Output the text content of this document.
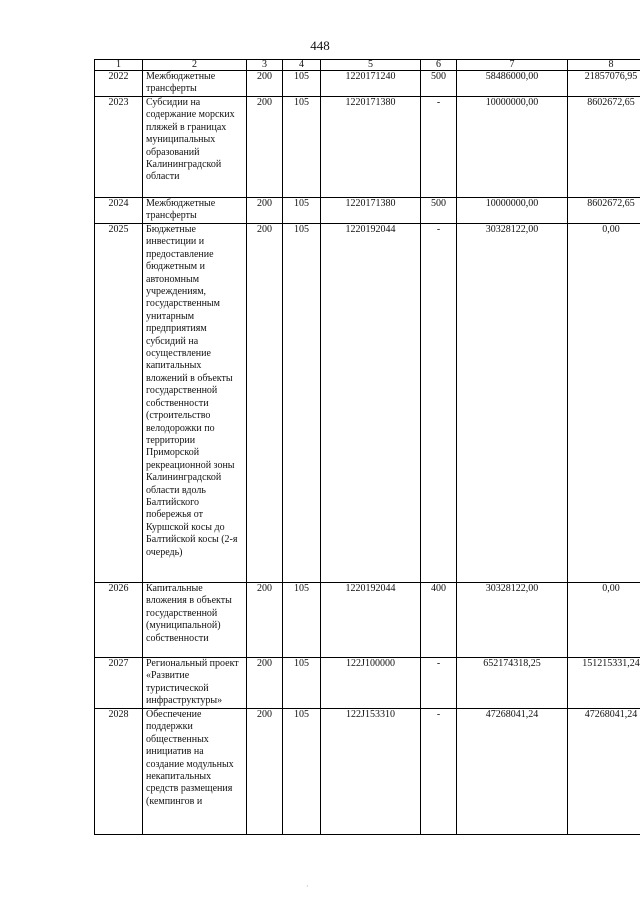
448
1	2	3	4	5	6	7	8
2022	Межбюджетные трансферты	200	105	1220171240	500	58486000,00	21857076,95
2023	Субсидии на содержание морских пляжей в границах муниципальных образований Калининградской области	200	105	1220171380	-	10000000,00	8602672,65
2024	Межбюджетные трансферты	200	105	1220171380	500	10000000,00	8602672,65
2025	Бюджетные инвестиции и предоставление бюджетным и автономным учреждениям, государственным унитарным предприятиям субсидий на осуществление капитальных вложений в объекты государственной собственности (строительство велодорожки по территории Приморской рекреационной зоны Калининградской области вдоль Балтийского побережья от Куршской косы до Балтийской косы (2-я очередь)	200	105	1220192044	-	30328122,00	0,00
2026	Капитальные вложения в объекты государственной (муниципальной) собственности	200	105	1220192044	400	30328122,00	0,00
2027	Региональный проект «Развитие туристической инфраструктуры»	200	105	122J100000	-	652174318,25	151215331,24
2028	Обеспечение поддержки общественных инициатив на создание модульных некапитальных средств размещения (кемпингов и	200	105	122J153310	-	47268041,24	47268041,24
·
